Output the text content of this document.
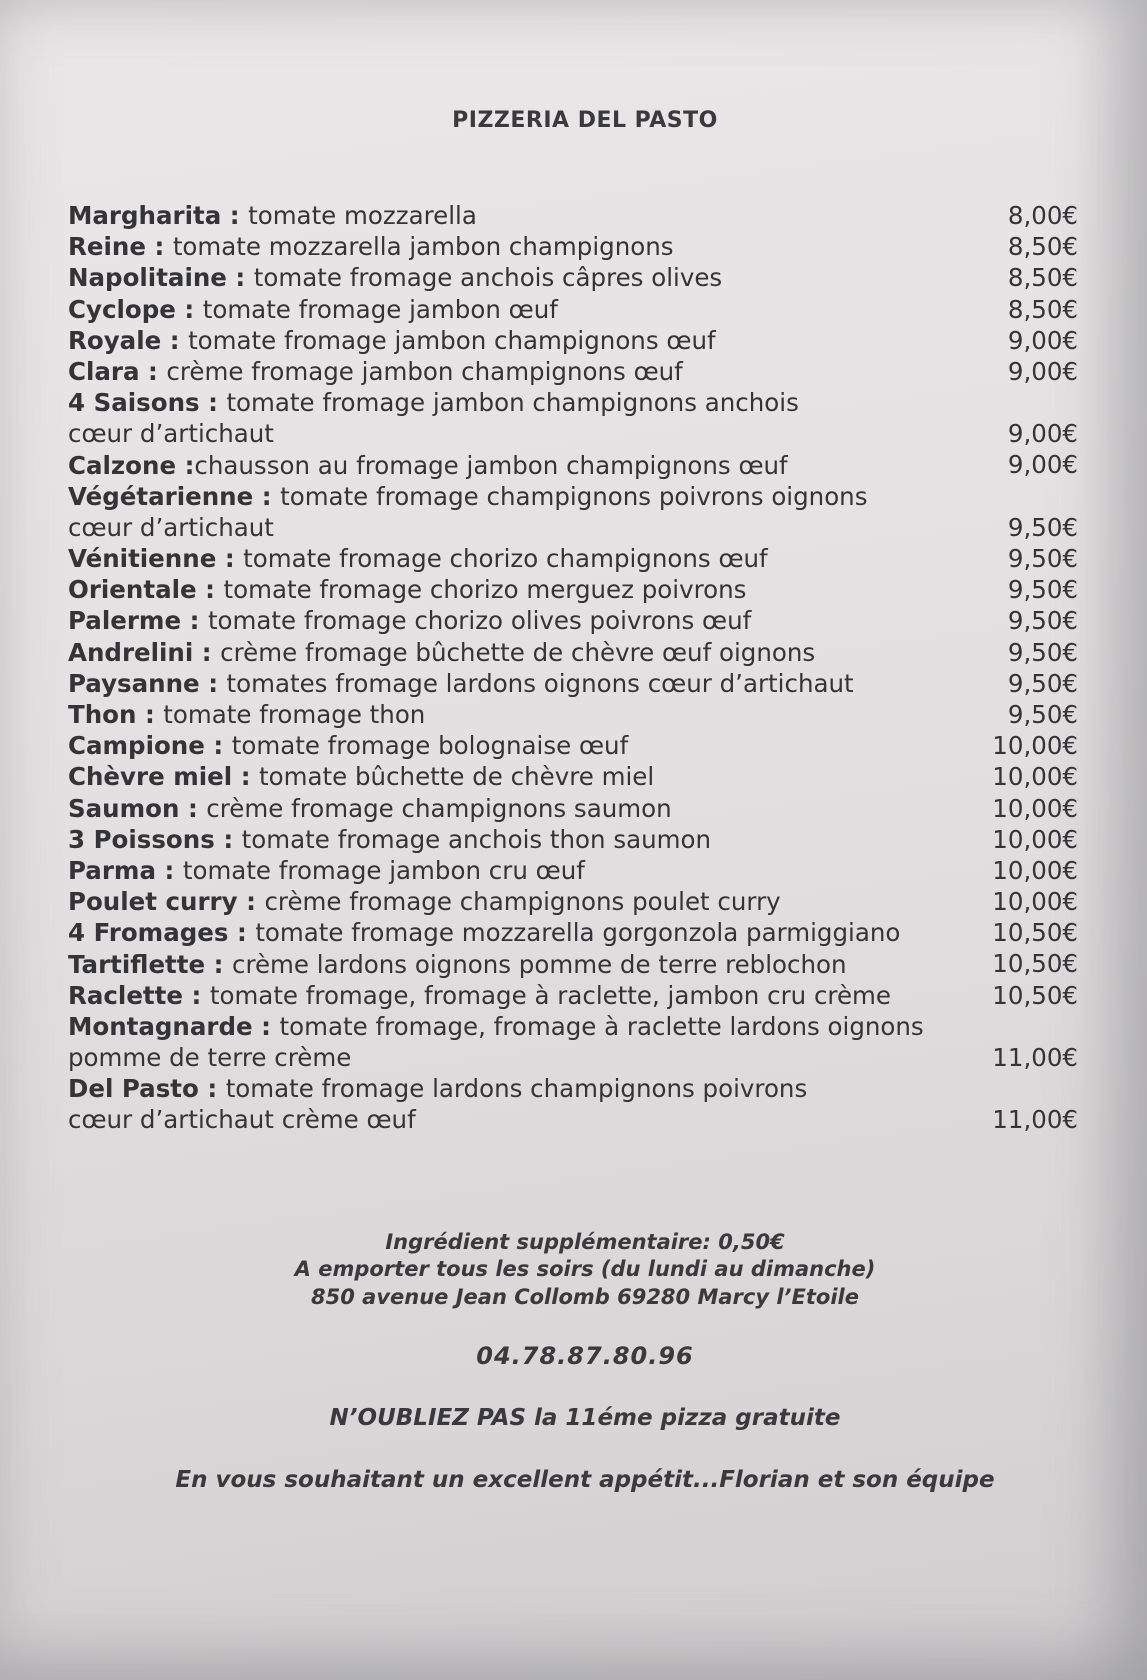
PIZZERIA DEL PASTO
Margharita : tomate mozzarella	8,00€
Reine : tomate mozzarella jambon champignons	8,50€
Napolitaine : tomate fromage anchois câpres olives	8,50€
Cyclope : tomate fromage jambon œuf	8,50€
Royale : tomate fromage jambon champignons œuf	9,00€
Clara : crème fromage jambon champignons œuf	9,00€
4 Saisons : tomate fromage jambon champignons anchois
cœur d’artichaut	9,00€
Calzone :chausson au fromage jambon champignons œuf	9,00€
Végétarienne : tomate fromage champignons poivrons oignons
cœur d’artichaut	9,50€
Vénitienne : tomate fromage chorizo champignons œuf	9,50€
Orientale : tomate fromage chorizo merguez poivrons	9,50€
Palerme : tomate fromage chorizo olives poivrons œuf	9,50€
Andrelini : crème fromage bûchette de chèvre œuf oignons	9,50€
Paysanne : tomates fromage lardons oignons cœur d’artichaut	9,50€
Thon : tomate fromage thon	9,50€
Campione : tomate fromage bolognaise œuf	10,00€
Chèvre miel : tomate bûchette de chèvre miel	10,00€
Saumon : crème fromage champignons saumon	10,00€
3 Poissons : tomate fromage anchois thon saumon	10,00€
Parma : tomate fromage jambon cru œuf	10,00€
Poulet curry : crème fromage champignons poulet curry	10,00€
4 Fromages : tomate fromage mozzarella gorgonzola parmiggiano	10,50€
Tartiflette : crème lardons oignons pomme de terre reblochon	10,50€
Raclette : tomate fromage, fromage à raclette, jambon cru crème	10,50€
Montagnarde : tomate fromage, fromage à raclette lardons oignons
pomme de terre crème	11,00€
Del Pasto : tomate fromage lardons champignons poivrons
cœur d’artichaut crème œuf	11,00€
Ingrédient supplémentaire: 0,50€
A emporter tous les soirs (du lundi au dimanche)
850 avenue Jean Collomb 69280 Marcy l’Etoile
04.78.87.80.96
N’OUBLIEZ PAS la 11éme pizza gratuite
En vous souhaitant un excellent appétit...Florian et son équipe
